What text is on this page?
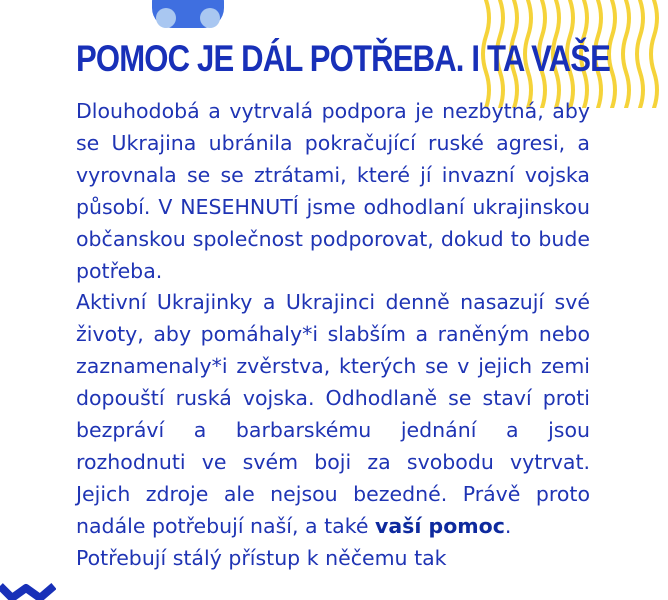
POMOC JE DÁL POTŘEBA. I TA VAŠE

Dlouhodobá a vytrvalá podpora je nezbytná, aby se Ukrajina ubránila pokračující ruské agresi, a vyrovnala se se ztrátami, které jí invazní vojska působí. V NESEHNUTÍ jsme odhodlaní ukrajinskou občanskou společnost podporovat, dokud to bude potřeba.

Aktivní Ukrajinky a Ukrajinci denně nasazují své životy, aby pomáhaly*i slabším a raněným nebo zaznamenaly*i zvěrstva, kterých se v jejich zemi dopouští ruská vojska. Odhodlaně se staví proti bezpráví a barbarskému jednání a jsou rozhodnuti ve svém boji za svobodu vytrvat. Jejich zdroje ale nejsou bezedné. Právě proto nadále potřebují naší, a také vaší pomoc.

Potřebují stálý přístup k něčemu tak
